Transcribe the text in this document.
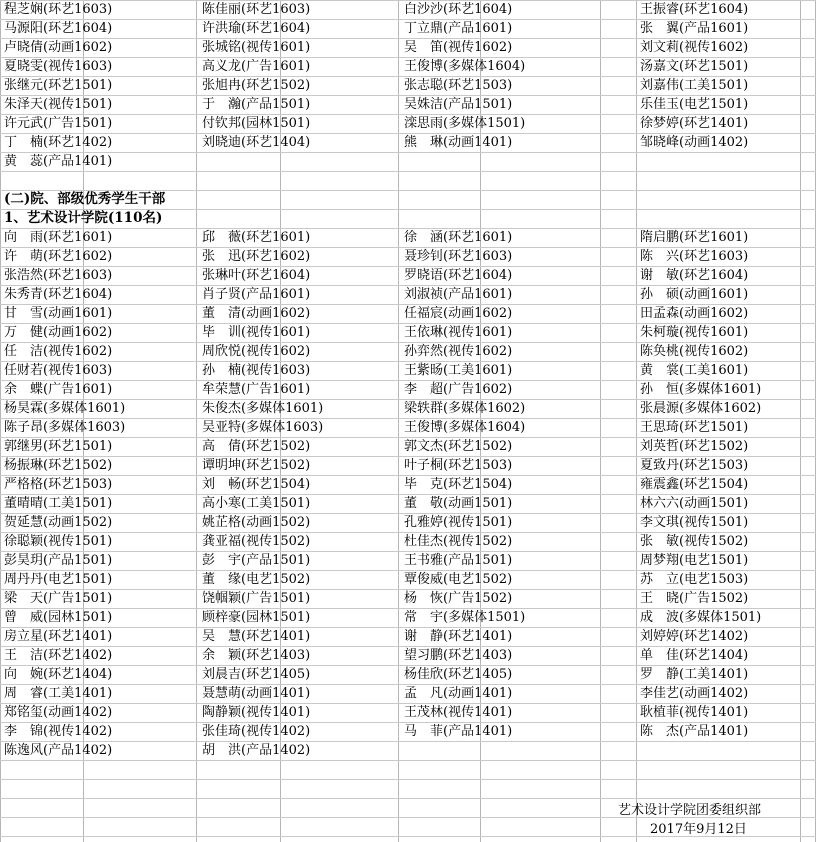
程芝娴(环艺1603)	陈佳丽(环艺1603)	白沙沙(环艺1604)	王振睿(环艺1604)
马源阳(环艺1604)	许洪瑜(环艺1604)	丁立鼎(产品1601)	张　翼(产品1601)
卢晓倩(动画1602)	张城铭(视传1601)	吴　笛(视传1602)	刘文莉(视传1602)
夏晓雯(视传1603)	高义龙(广告1601)	王俊博(多媒体1604)	汤嘉文(环艺1501)
张继元(环艺1501)	张旭冉(环艺1502)	张志聪(环艺1503)	刘嘉伟(工美1501)
朱泽天(视传1501)	于　瀚(产品1501)	吴姝洁(产品1501)	乐佳玉(电艺1501)
许元武(广告1501)	付钦邦(园林1501)	滦思雨(多媒体1501)	徐梦婷(环艺1401)
丁　楠(环艺1402)	刘晓迪(环艺1404)	熊　琳(动画1401)	邹晓峰(动画1402)
黄　蕊(产品1401)
向　雨(环艺1601)	邱　薇(环艺1601)	徐　涵(环艺1601)	隋启鹏(环艺1601)
许　萌(环艺1602)	张　迅(环艺1602)	聂珍钊(环艺1603)	陈　兴(环艺1603)
张浩然(环艺1603)	张琳叶(环艺1604)	罗晓语(环艺1604)	谢　敏(环艺1604)
朱秀青(环艺1604)	肖子贤(产品1601)	刘淑祯(产品1601)	孙　硕(动画1601)
甘　雪(动画1601)	董　清(动画1602)	任福宸(动画1602)	田孟森(动画1602)
万　健(动画1602)	毕　训(视传1601)	王依琳(视传1601)	朱柯璇(视传1601)
任　洁(视传1602)	周欣悦(视传1602)	孙弈然(视传1602)	陈奂桃(视传1602)
任财若(视传1603)	孙　楠(视传1603)	王紫旸(工美1601)	黄　裳(工美1601)
余　蝶(广告1601)	牟荣慧(广告1601)	李　超(广告1602)	孙　恒(多媒体1601)
杨昊霖(多媒体1601)	朱俊杰(多媒体1601)	梁轶群(多媒体1602)	张晨源(多媒体1602)
陈子昂(多媒体1603)	吴亚特(多媒体1603)	王俊博(多媒体1604)	王思琦(环艺1501)
郭继男(环艺1501)	高　倩(环艺1502)	郭文杰(环艺1502)	刘英哲(环艺1502)
杨振琳(环艺1502)	谭明坤(环艺1502)	叶子桐(环艺1503)	夏致丹(环艺1503)
严格格(环艺1503)	刘　畅(环艺1504)	毕　克(环艺1504)	雍震鑫(环艺1504)
董晴晴(工美1501)	高小寒(工美1501)	董　敬(动画1501)	林六六(动画1501)
贺延慧(动画1502)	姚芷格(动画1502)	孔雅婷(视传1501)	李文琪(视传1501)
徐聪颖(视传1501)	龚亚福(视传1502)	杜佳杰(视传1502)	张　敏(视传1502)
彭昊玥(产品1501)	彭　宇(产品1501)	王书雅(产品1501)	周梦翔(电艺1501)
周丹丹(电艺1501)	董　缘(电艺1502)	覃俊威(电艺1502)	苏　立(电艺1503)
梁　天(广告1501)	饶帼颖(广告1501)	杨　恢(广告1502)	王　晓(广告1502)
曾　威(园林1501)	顾梓豪(园林1501)	常　宇(多媒体1501)	成　波(多媒体1501)
房立星(环艺1401)	吴　慧(环艺1401)	谢　静(环艺1401)	刘婷婷(环艺1402)
王　洁(环艺1402)	余　颖(环艺1403)	望习鹏(环艺1403)	单　佳(环艺1404)
向　婉(环艺1404)	刘晨吉(环艺1405)	杨佳欣(环艺1405)	罗　静(工美1401)
周　睿(工美1401)	聂慧萌(动画1401)	孟　凡(动画1401)	李佳艺(动画1402)
郑铭玺(动画1402)	陶静颖(视传1401)	王茂林(视传1401)	耿植菲(视传1401)
李　锦(视传1402)	张佳琦(视传1402)	马　菲(产品1401)	陈　杰(产品1401)
陈逸风(产品1402)	胡　洪(产品1402)
(二)院、部级优秀学生干部
1、艺术设计学院(110名)
艺术设计学院团委组织部
2017年9月12日
